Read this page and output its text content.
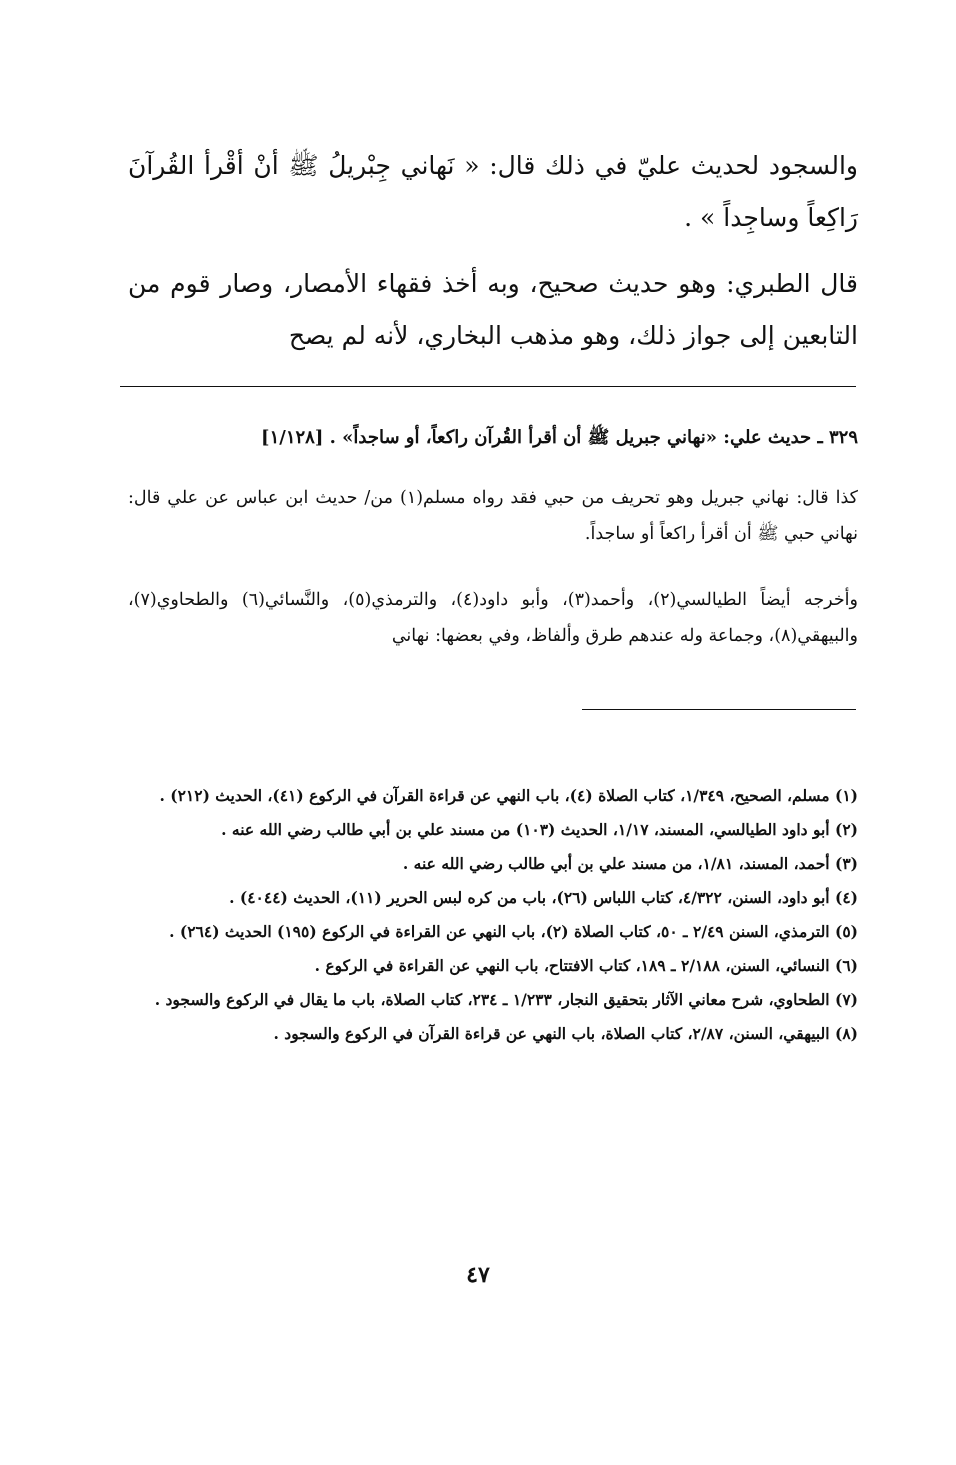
والسجود لحديث عليّ في ذلك قال: « نَهاني جِبْريلُ ﷺ أنْ أقْرأ القُرآنَ رَاكِعاً وساجِداً » .

قال الطبري: وهو حديث صحيح، وبه أخذ فقهاء الأمصار، وصار قوم من التابعين إلى جواز ذلك، وهو مذهب البخاري، لأنه لم يصح

٣٢٩ ـ حديث علي: «نهاني جبريل ﷺ أن أقرأ القُرآن راكعاً، أو ساجداً» . [١/١٢٨]

كذا قال: نهاني جبريل وهو تحريف من حبي فقد رواه مسلم(١) من/ حديث ابن عباس عن علي قال: نهاني حبي ﷺ أن أقرأ راكعاً أو ساجداً.

وأخرجه أيضاً الطيالسي(٢)، وأحمد(٣)، وأبو داود(٤)، والترمذي(٥)، والنَّسائي(٦) والطحاوي(٧)، والبيهقي(٨)، وجماعة وله عندهم طرق وألفاظ، وفي بعضها: نهاني

(١) مسلم، الصحيح، ١/٣٤٩، كتاب الصلاة (٤)، باب النهي عن قراءة القرآن في الركوع (٤١)، الحديث (٢١٢) .

(٢) أبو داود الطيالسي، المسند، ١/١٧، الحديث (١٠٣) من مسند علي بن أبي طالب رضي الله عنه .

(٣) أحمد، المسند، ١/٨١، من مسند علي بن أبي طالب رضي الله عنه .

(٤) أبو داود، السنن، ٤/٣٢٢، كتاب اللباس (٢٦)، باب من كره لبس الحرير (١١)، الحديث (٤٠٤٤) .

(٥) الترمذي، السنن ٢/٤٩ ـ ٥٠، كتاب الصلاة (٢)، باب النهي عن القراءة في الركوع (١٩٥) الحديث (٢٦٤) .

(٦) النسائي، السنن، ٢/١٨٨ ـ ١٨٩، كتاب الافتتاح، باب النهي عن القراءة في الركوع .

(٧) الطحاوي، شرح معاني الآثار بتحقيق النجار، ١/٢٣٣ ـ ٢٣٤، كتاب الصلاة، باب ما يقال في الركوع والسجود .

(٨) البيهقي، السنن، ٢/٨٧، كتاب الصلاة، باب النهي عن قراءة القرآن في الركوع والسجود .

٤٧
